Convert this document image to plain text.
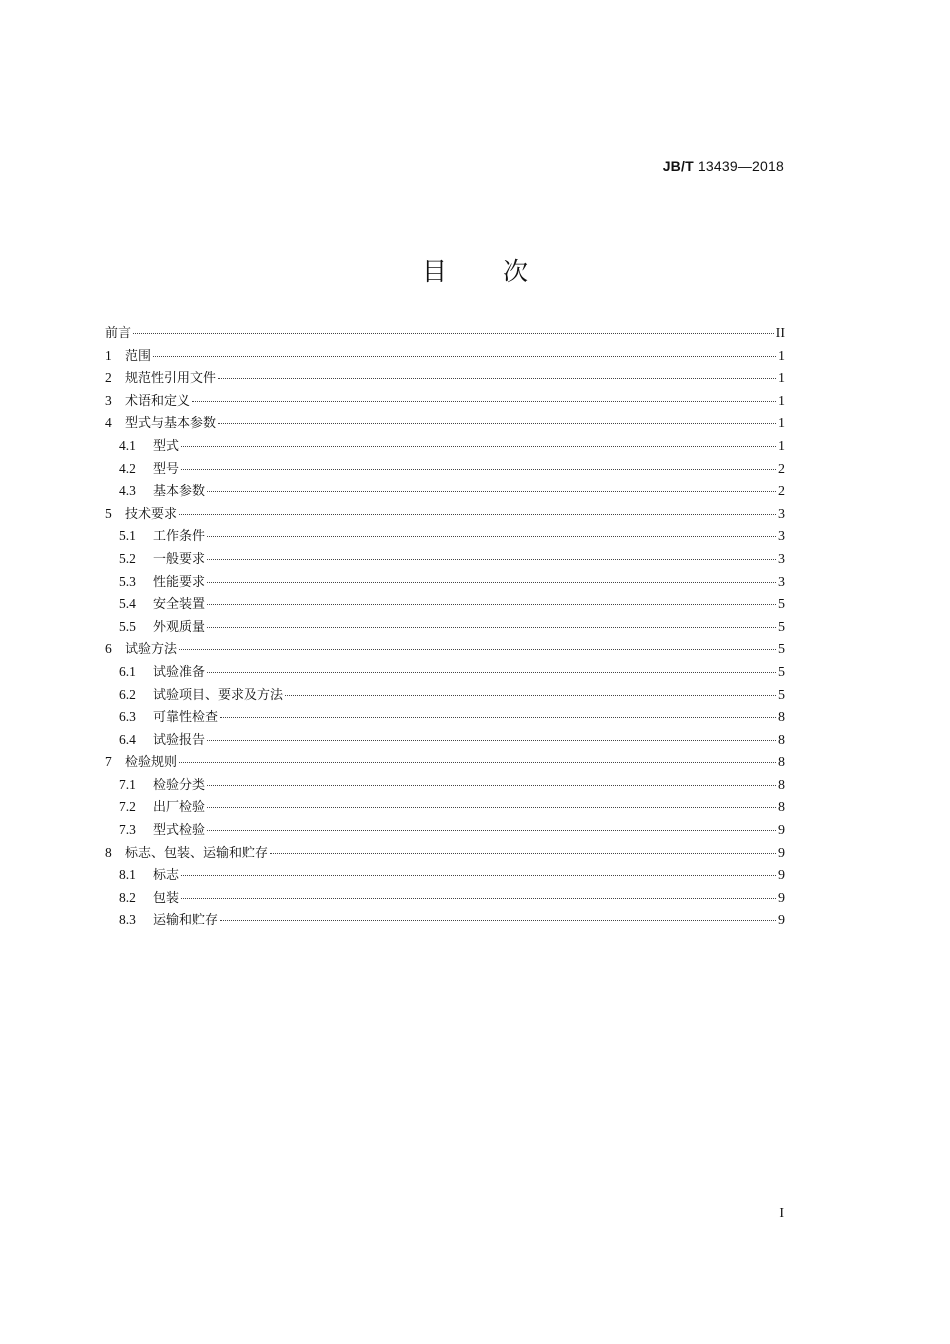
JB/T 13439—2018
目 次
前言	II
1	范围	1
2	规范性引用文件	1
3	术语和定义	1
4	型式与基本参数	1
4.1	型式	1
4.2	型号	2
4.3	基本参数	2
5	技术要求	3
5.1	工作条件	3
5.2	一般要求	3
5.3	性能要求	3
5.4	安全装置	5
5.5	外观质量	5
6	试验方法	5
6.1	试验准备	5
6.2	试验项目、要求及方法	5
6.3	可靠性检查	8
6.4	试验报告	8
7	检验规则	8
7.1	检验分类	8
7.2	出厂检验	8
7.3	型式检验	9
8	标志、包装、运输和贮存	9
8.1	标志	9
8.2	包装	9
8.3	运输和贮存	9
I
